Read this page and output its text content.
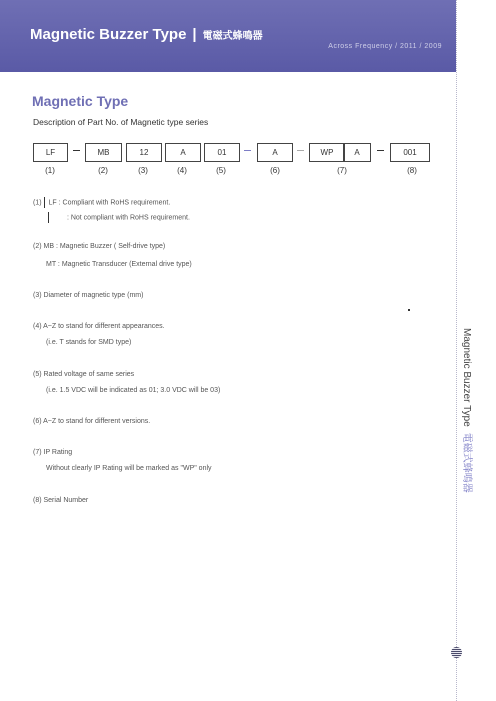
Magnetic Buzzer Type | 電磁式蜂鳴器
Across Frequency / 2011 / 2009
Magnetic Buzzer Type電磁式蜂鳴器
Magnetic Type
Description of Part No. of Magnetic type series
LF	MB	12	A	01	A	WP	A	001
(1)	(2)	(3)	(4)	(5)	(6)	(7)	(8)
(1) LF : Compliant with RoHS requirement.
: Not compliant with RoHS requirement.
(2) MB : Magnetic Buzzer ( Self-drive type)
MT : Magnetic Transducer (External drive type)
(3) Diameter of magnetic type (mm)
(4) A~Z to stand for different appearances.
(i.e. T stands for SMD type)
(5) Rated voltage of same series
(i.e. 1.5 VDC will be indicated as 01; 3.0 VDC will be 03)
(6) A~Z to stand for different versions.
(7) IP Rating
Without clearly IP Rating will be marked as "WP" only
(8) Serial Number
